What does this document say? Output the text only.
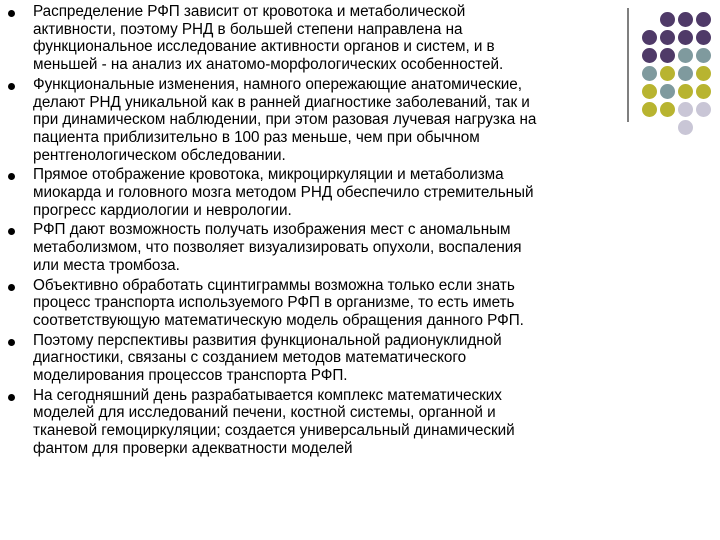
Распределение РФП зависит от кровотока и метаболической
активности, поэтому РНД в большей степени направлена на
функциональное исследование активности органов и систем, и в
меньшей - на анализ их анатомо-морфологических особенностей.
Функциональные изменения, намного опережающие анатомические,
делают РНД уникальной как в ранней диагностике заболеваний, так и
при динамическом наблюдении, при этом разовая лучевая нагрузка на
пациента приблизительно в 100 раз меньше, чем при обычном
рентгенологическом обследовании.
Прямое отображение кровотока, микроциркуляции и метаболизма
миокарда и головного мозга методом РНД обеспечило стремительный
прогресс кардиологии и неврологии.
РФП дают возможность получать изображения мест с аномальным
метаболизмом, что позволяет визуализировать опухоли, воспаления
или места тромбоза.
Объективно обработать сцинтиграммы возможна только если знать
процесс транспорта используемого РФП в организме, то есть иметь
соответствующую математическую модель обращения данного РФП.
Поэтому перспективы развития функциональной радионуклидной
диагностики, связаны с созданием методов математического
моделирования процессов транспорта РФП.
На сегодняшний день разрабатывается комплекс математических
моделей для исследований печени, костной системы, органной и
тканевой гемоциркуляции; создается универсальный динамический
фантом для проверки адекватности моделей
